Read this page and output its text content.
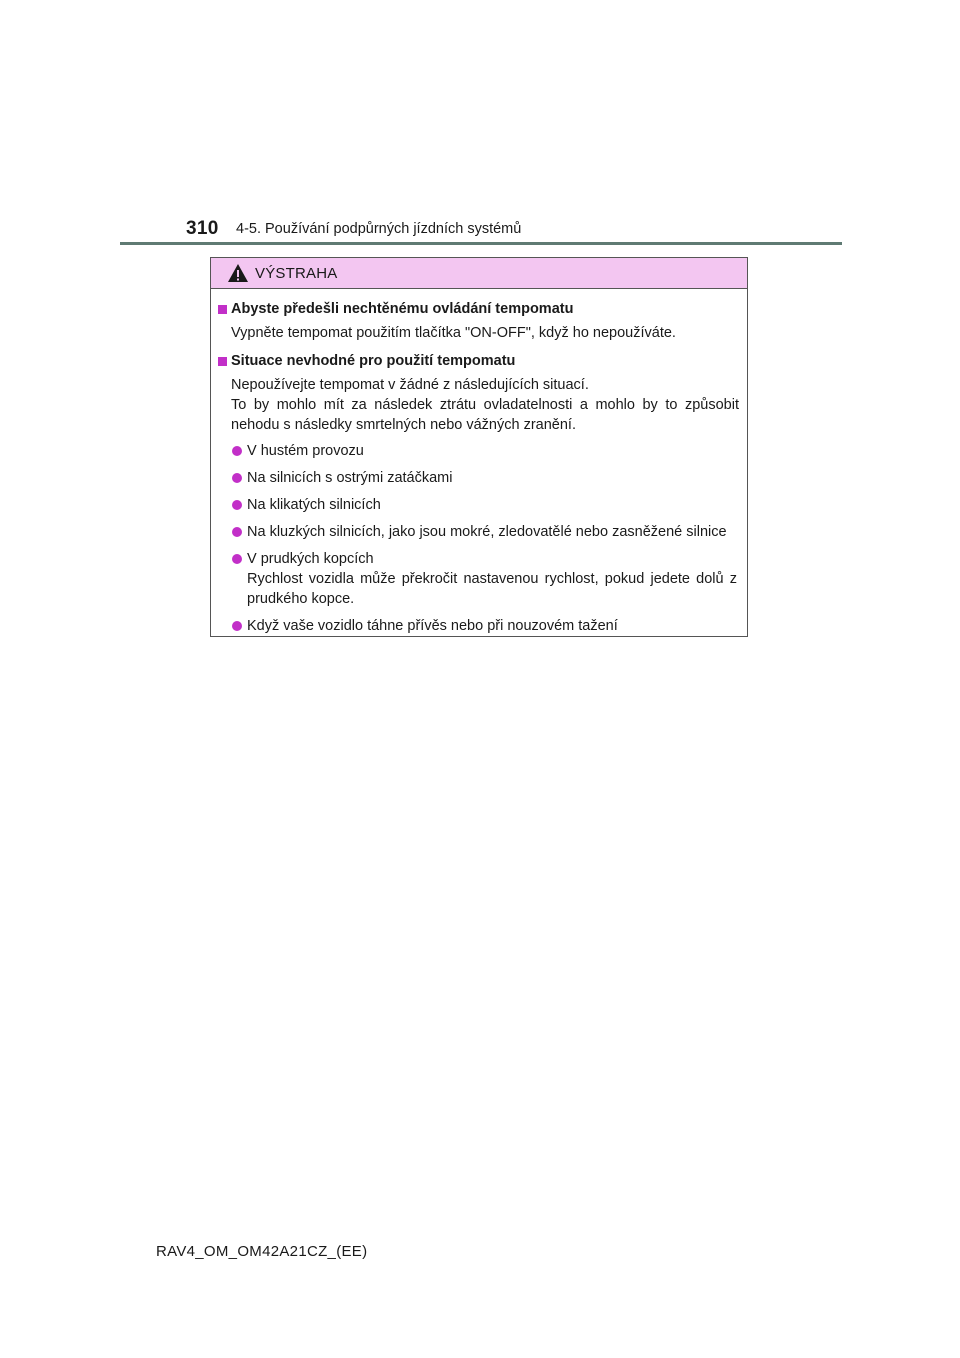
310 4-5. Používání podpůrných jízdních systémů
VÝSTRAHA
Abyste předešli nechtěnému ovládání tempomatu
Vypněte tempomat použitím tlačítka "ON-OFF", když ho nepoužíváte.
Situace nevhodné pro použití tempomatu
Nepoužívejte tempomat v žádné z následujících situací.
To by mohlo mít za následek ztrátu ovladatelnosti a mohlo by to způsobit nehodu s následky smrtelných nebo vážných zranění.
V hustém provozu
Na silnicích s ostrými zatáčkami
Na klikatých silnicích
Na kluzkých silnicích, jako jsou mokré, zledovatělé nebo zasněžené silnice
V prudkých kopcích
Rychlost vozidla může překročit nastavenou rychlost, pokud jedete dolů z prudkého kopce.
Když vaše vozidlo táhne přívěs nebo při nouzovém tažení
RAV4_OM_OM42A21CZ_(EE)
